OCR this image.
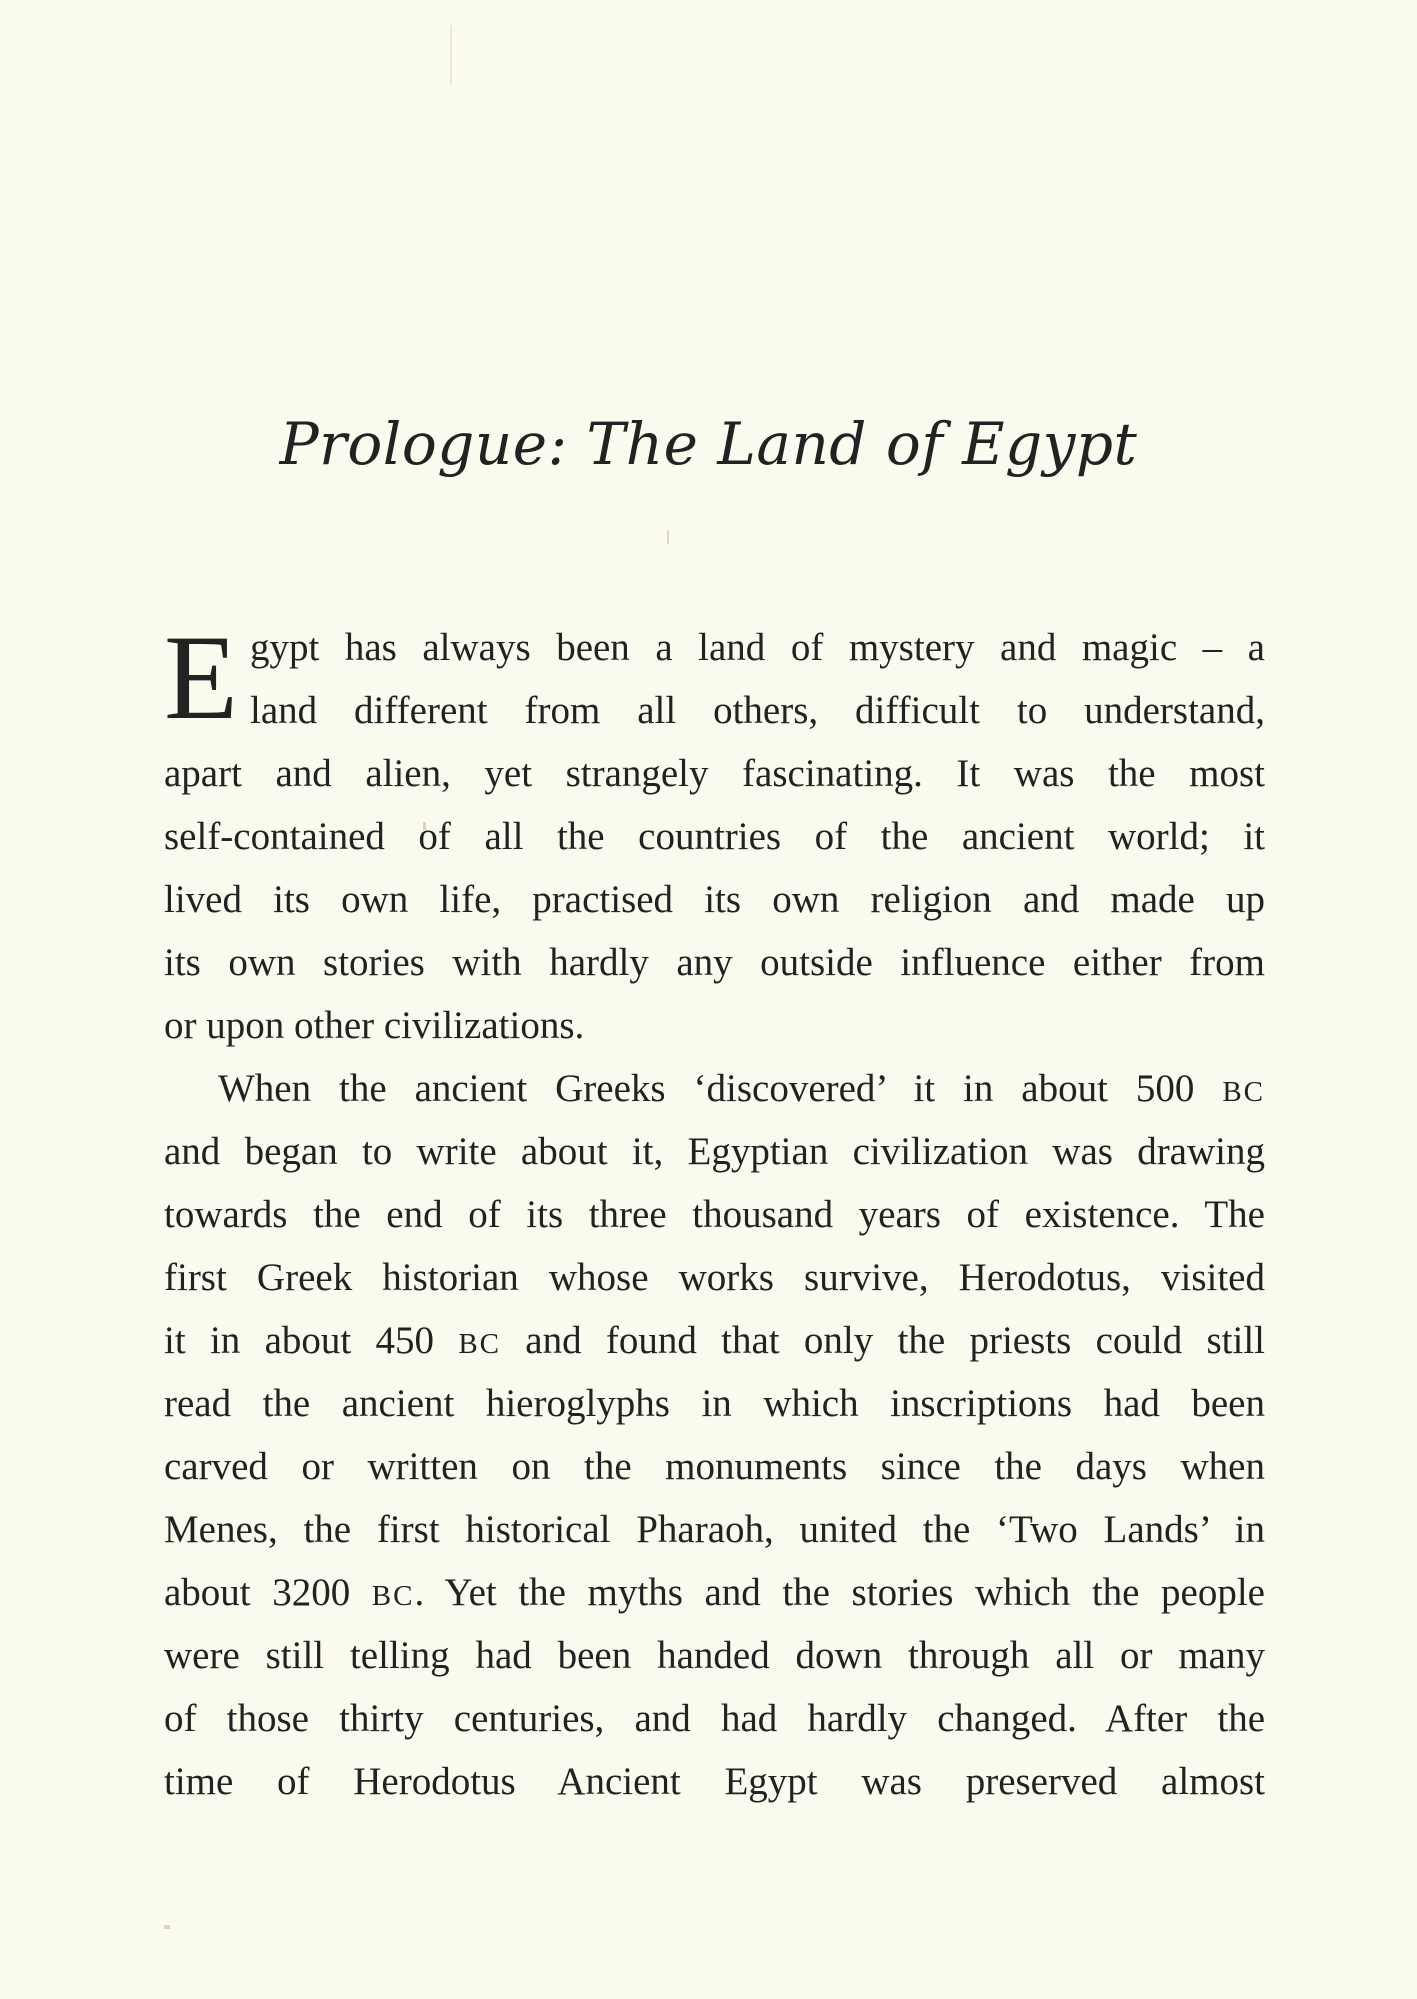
Prologue: The Land of Egypt
E gypt has always been a land of mystery and magic – a
land different from all others, difficult to understand,
apart and alien, yet strangely fascinating. It was the most
self-contained of all the countries of the ancient world; it
lived its own life, practised its own religion and made up
its own stories with hardly any outside influence either from
or upon other civilizations.
When the ancient Greeks ‘discovered’ it in about 500 BC
and began to write about it, Egyptian civilization was drawing
towards the end of its three thousand years of existence. The
first Greek historian whose works survive, Herodotus, visited
it in about 450 BC and found that only the priests could still
read the ancient hieroglyphs in which inscriptions had been
carved or written on the monuments since the days when
Menes, the first historical Pharaoh, united the ‘Two Lands’ in
about 3200 BC. Yet the myths and the stories which the people
were still telling had been handed down through all or many
of those thirty centuries, and had hardly changed. After the
time of Herodotus Ancient Egypt was preserved almost
